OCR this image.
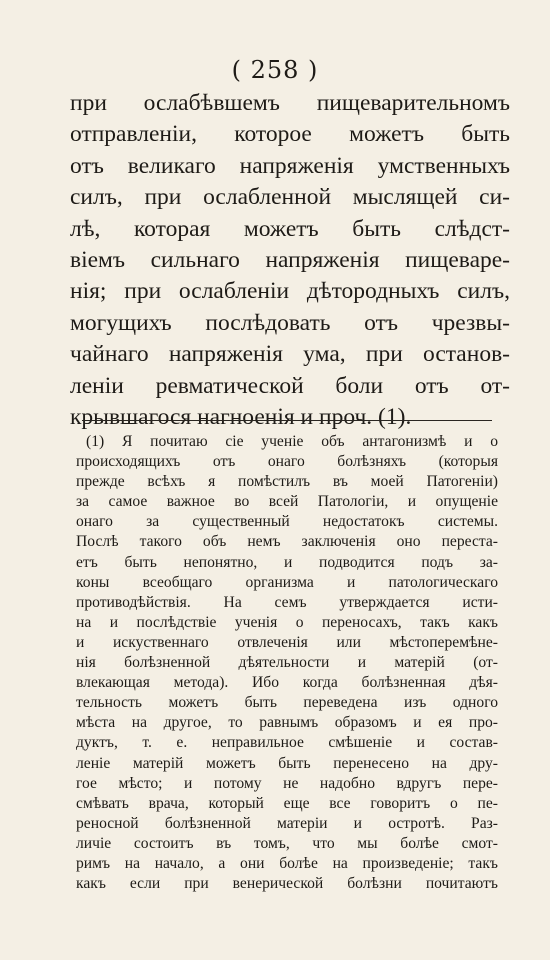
( 258 )
при ослабѣвшемъ пищеварительномъ
отправленіи, которое можетъ быть
отъ великаго напряженія умственныхъ
силъ, при ослабленной мыслящей си-
лѣ, которая можетъ быть слѣдст-
віемъ сильнаго напряженія пищеваре-
нія; при ослабленіи дѣтородныхъ силъ,
могущихъ послѣдовать отъ чрезвы-
чайнаго напряженія ума, при останов-
леніи ревматической боли отъ от-
крывшагося нагноенія и проч. (1).
(1) Я почитаю сіе ученіе объ антагонизмѣ и о
происходящихъ отъ онаго болѣзняхъ (которыя
прежде всѣхъ я помѣстилъ въ моей Патогеніи)
за самое важное во всей Патологіи, и опущеніе
онаго за существенный недостатокъ системы.
Послѣ такого объ немъ заключенія оно переста-
етъ быть непонятно, и подводится подъ за-
коны всеобщаго организма и патологическаго
противодѣйствія. На семъ утверждается исти-
на и послѣдствіе ученія о переносахъ, такъ какъ
и искуственнаго отвлеченія или мѣстоперемѣне-
нія болѣзненной дѣятельности и матерій (от-
влекающая метода). Ибо когда болѣзненная дѣя-
тельность можетъ быть переведена изъ одного
мѣста на другое, то равнымъ образомъ и ея про-
дуктъ, т. е. неправильное смѣшеніе и состав-
леніе матерій можетъ быть перенесено на дру-
гое мѣсто; и потому не надобно вдругъ пере-
смѣвать врача, который еще все говоритъ о пе-
реносной болѣзненной матеріи и остротѣ. Раз-
личіе состоитъ въ томъ, что мы болѣе смот-
римъ на начало, а они болѣе на произведеніе; такъ
какъ если при венерической болѣзни почитаютъ
